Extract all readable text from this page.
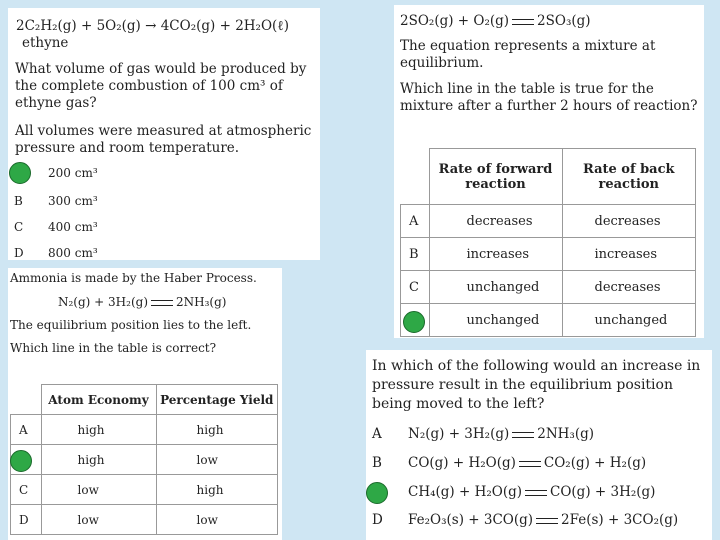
2C₂H₂(g) + 5O₂(g) → 4CO₂(g) + 2H₂O(ℓ)
ethyne
What volume of gas would be produced by the complete combustion of 100 cm³ of ethyne gas?
All volumes were measured at atmospheric pressure and room temperature.
200 cm³
B 300 cm³
C 400 cm³
D 800 cm³
2SO₂(g) + O₂(g) 2SO₃(g)
The equation represents a mixture at equilibrium.
Which line in the table is true for the mixture after a further 2 hours of reaction?
	Rate of forward reaction	Rate of back reaction
A	decreases	decreases
B	increases	increases
C	unchanged	decreases
	unchanged	unchanged
Ammonia is made by the Haber Process.
N₂(g) + 3H₂(g) 2NH₃(g)
The equilibrium position lies to the left.
Which line in the table is correct?
	Atom Economy	Percentage Yield
A	high	high
	high	low
C	low	high
D	low	low
In which of the following would an increase in pressure result in the equilibrium position being moved to the left?
A N₂(g) + 3H₂(g) 2NH₃(g)
B CO(g) + H₂O(g) CO₂(g) + H₂(g)
CH₄(g) + H₂O(g) CO(g) + 3H₂(g)
D Fe₂O₃(s) + 3CO(g) 2Fe(s) + 3CO₂(g)
